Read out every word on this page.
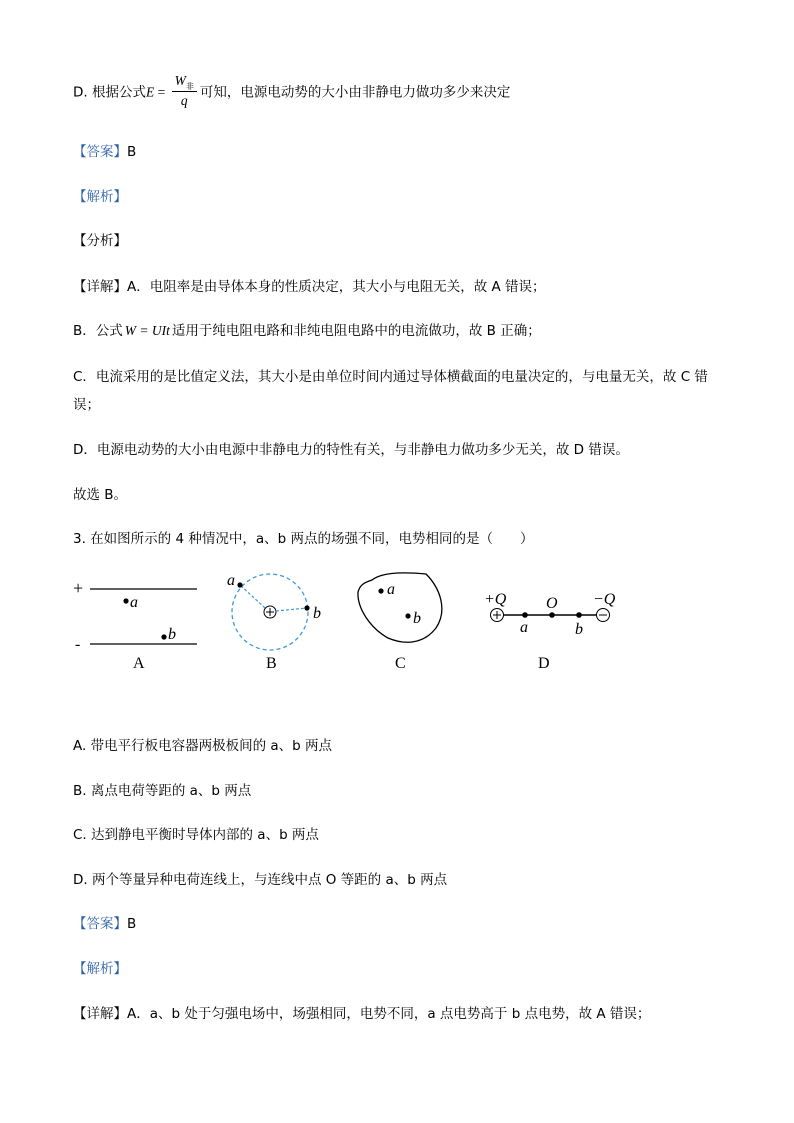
D. 根据公式$E = \frac{W_非}{q}$ 可知，电源电动势的大小由非静电力做功多少来决定
【答案】B
【解析】
【分析】
【详解】A．电阻率是由导体本身的性质决定，其大小与电阻无关，故 A 错误；
B．公式 W = UIt 适用于纯电阻电路和非纯电阻电路中的电流做功，故 B 正确；
C．电流采用的是比值定义法，其大小是由单位时间内通过导体横截面的电量决定的，与电量无关，故 C 错
误；
D．电源电动势的大小由电源中非静电力的特性有关，与非静电力做功多少无关，故 D 错误。
故选 B。
3. 在如图所示的 4 种情况中，a、b 两点的场强不同，电势相同的是（　　）
+
a
-
b
A
a
b
B
a
b
C
+Q O −Q
a	b
D
A. 带电平行板电容器两极板间的 a、b 两点
B. 离点电荷等距的 a、b 两点
C. 达到静电平衡时导体内部的 a、b 两点
D. 两个等量异种电荷连线上，与连线中点 O 等距的 a、b 两点
【答案】B
【解析】
【详解】A．a、b 处于匀强电场中，场强相同，电势不同，a 点电势高于 b 点电势，故 A 错误；
